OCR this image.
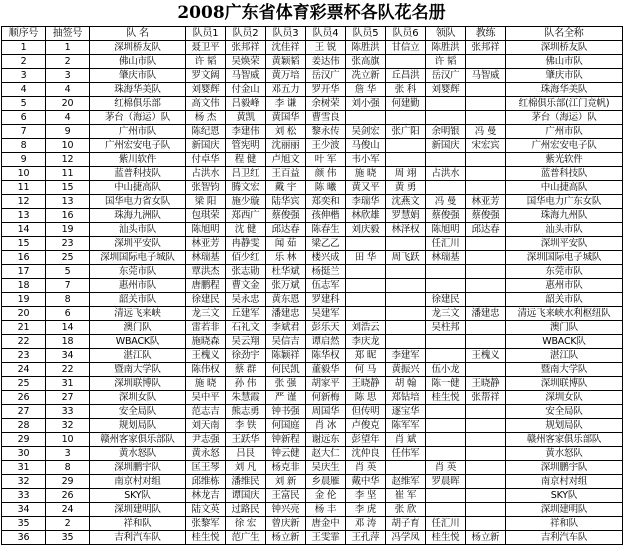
2008广东省体育彩票杯各队花名册
顺序号	抽签号	队 名	队员1	队员2	队员3	队员4	队员5	队员6	领队	教练	队名全称
1	1	深圳桥友队	聂卫平	张邦祥	沈佳祥	王 锐	陈胜洪	甘信立	陈胜洪	张邦祥	深圳桥友队
2	2	佛山市队	许 韬	吴焕荣	黄颖韬	姜达伟	张高旗		许 韬		佛山市队
3	3	肇庆市队	罗文阔	马智威	黄万培	岳汉广	冼立新	丘昌洪	岳汉广	马智威	肇庆市队
4	4	珠海华美队	刘婴辉	付金山	邓五力	罗开华	詹 华	张 科	刘婴辉		珠海华美队
5	20	红棉俱乐部	高文伟	吕毅峰	李 谦	余树荣	刘小强	何建勤			红棉俱乐部(江门竞帆)
6	4	茅台（海运）队	杨 杰	黄凯	黄国华	曹雪良					茅台（海运）队
7	9	广州市队	陈纪恩	李建伟	刘 松	黎永传	吴剑宏	张广阳	余明银	冯 曼	广州市队
8	10	广州宏安电子队	新国庆	管宪明	沈丽丽	王少波	马俊山		新国庆	宋宏宾	广州宏安电子队
9	12	紫川软件	付卓华	程 健	卢旭文	叶 军	韦小军				紫光软件
10	11	蓝普科技队	占洪水	吕卫红	王百益	颜 伟	施 晓	周 翊	占洪水		蓝普科技队
11	15	中山捷高队	张智钧	腾文宏	戴 宇	陈 曦	黄又平	黄 勇			中山捷高队
12	13	国华电力省女队	梁 阳	施少璇	陆华宾	郑奕和	李瑞华	沈燕文	冯 曼	林亚芳	国华电力广东女队
13	16	珠海九洲队	包琪荣	郑西广	蔡俊强	孩伸楷	林欣雄	罗慧娟	蔡俊强	蔡俊强	珠海九州队
14	19	汕头市队	陈旭明	沈 健	邱达春	陈春生	刘庆毅	林泽权	陈旭明	邱达春	汕头市队
15	23	深圳平安队	林亚芳	冉静雯	闻 茹	梁乙乙			任汇川		深圳平安队
16	25	深圳国际电子城队	林瑞基	佰少红	乐 林	楼兴成	田 华	周飞跃	林瑞基		深圳国际电子城队
17	5	东莞市队	覃洪杰	张志勋	杜华斌	杨挺兰					东莞市队
18	7	惠州市队	唐鹏程	曹文金	张万斌	伍志军					惠州市队
19	8	韶关市队	徐建民	吴永忠	黄东恩	罗建科			徐建民		韶关市队
20	6	清远飞来峡	龙三文	丘建军	潘建忠	吴建军			龙三文	潘建忠	清远飞来峡水利枢纽队
21	14	澳门队	雷若非	石礼文	李斌君	彭乐天	刘浩云		吴柱邦		澳门队
22	18	WBACK队	施晓森	吴云翔	吴信吉	谭启然	李庆龙				WBACK队
23	34	湛江队	王槐义	徐劲宇	陈颖祥	陈华权	郑 昵	李建军		王槐义	湛江队
24	22	暨南大学队	陈伟权	蔡 群	何民凯	董毅华	何 马	黄振兴	伍小龙		暨南大学队
25	31	深圳联博队	施 晓	孙 伟	张 强	胡家平	王晓静	胡 翰	陈一健	王晓静	深圳联博队
26	27	深圳女队	吴中平	朱慧霞	严 谨	何新梅	陈 思	郑钻培	桂生悦	张帮祥	深圳女队
27	33	安全局队	范志吉	熊志勇	钟书强	周国华	但传明	逐宝华			安全局队
28	32	规划局队	刘天南	李 铁	何国庭	肖 冰	卢俊克	陈军军			规划局队
29	10	赣州客家俱乐部队	尹志强	王跃华	钟新程	谢远东	彭望年	肖 斌			赣州客家俱乐部队
30	3	黄水怒队	黄永怒	吕艮	钟云健	赵大仁	沈仲良	任伟军			黄水怒队
31	8	深圳鹏宇队	匡王琴	刘 凡	杨克非	吴庆生	肖 英		肖 英		深圳鹏宇队
32	29	南京村对组	邱维栋	潘维民	刘 新	乡晨雁	戴中华	赵维军	罗晨晖		南京村对组
33	26	SKY队	林龙吉	谭国庆	王富民	金 伦	李 坚	崔 军			SKY队
34	24	深圳建明队	陆文英	过路民	钟兴亮	杨 丰	李 虎	张 欣			深圳建明队
35	2	祥和队	张黎军	徐 宏	曾庆新	唐金中	邓 涛	胡子育	任汇川		祥和队
36	35	吉利汽车队	桂生悦	范广生	杨立新	王雯霏	王孔萍	冯学凤	桂生悦	杨立新	吉利汽车队
